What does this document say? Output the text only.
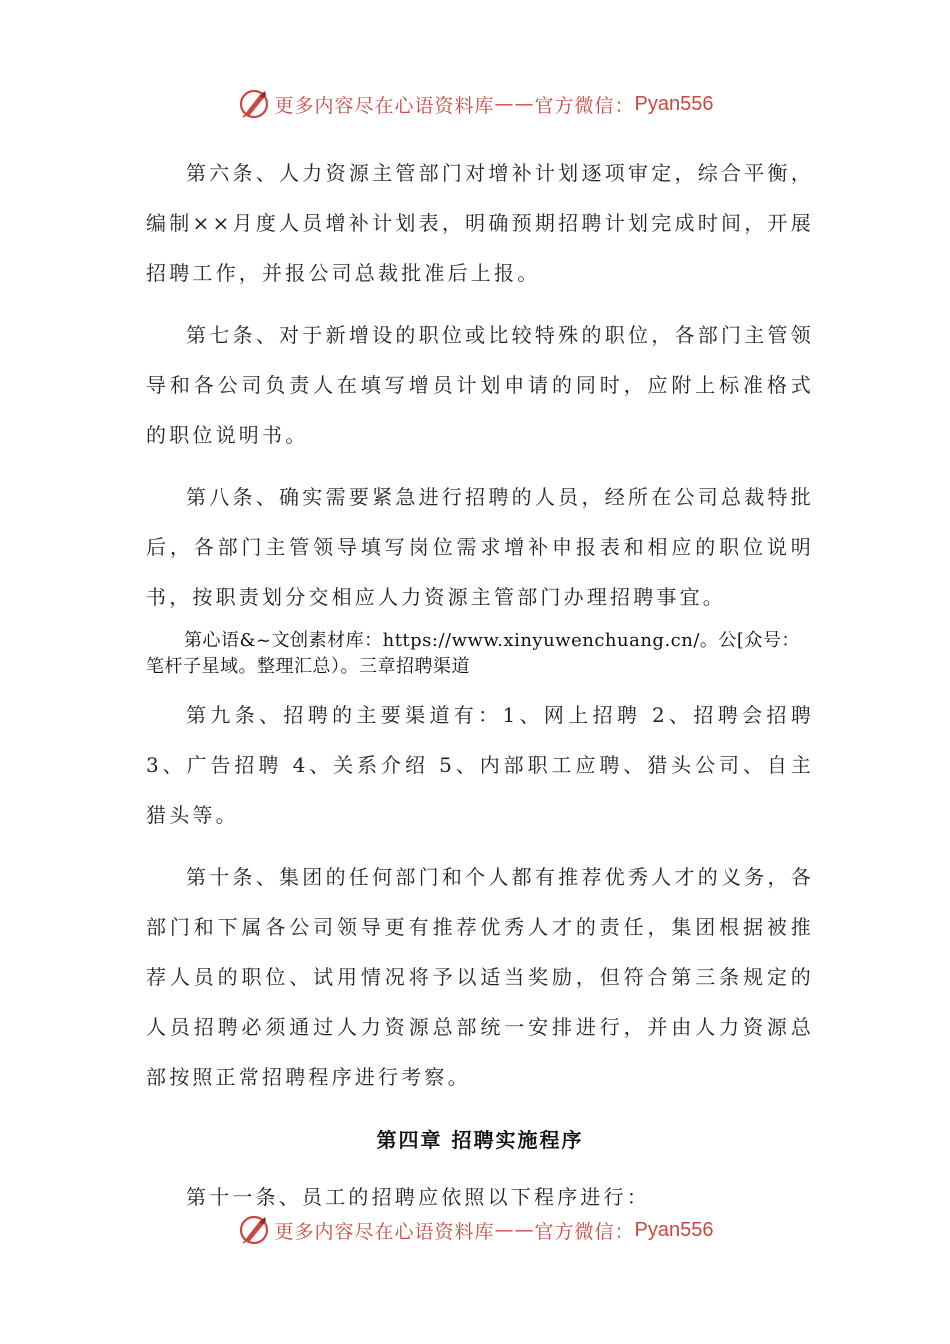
更多内容尽在心语资料库 —— 官方微信： Pyan556

第六条、人力资源主管部门对增补计划逐项审定，综合平衡，编制××月度人员增补计划表，明确预期招聘计划完成时间，开展招聘工作，并报公司总裁批准后上报。

第七条、对于新增设的职位或比较特殊的职位，各部门主管领导和各公司负责人在填写增员计划申请的同时，应附上标准格式的职位说明书。

第八条、确实需要紧急进行招聘的人员，经所在公司总裁特批后，各部门主管领导填写岗位需求增补申报表和相应的职位说明书，按职责划分交相应人力资源主管部门办理招聘事宜。

第心语&~文创素材库：https://www.xinyuwenchuang.cn/。公[众号：笔杆子星域。整理汇总）。三章招聘渠道

第九条、招聘的主要渠道有：1、网上招聘 2、招聘会招聘 3、广告招聘 4、关系介绍 5、内部职工应聘、猎头公司、自主猎头等。

第十条、集团的任何部门和个人都有推荐优秀人才的义务，各部门和下属各公司领导更有推荐优秀人才的责任，集团根据被推荐人员的职位、试用情况将予以适当奖励，但符合第三条规定的人员招聘必须通过人力资源总部统一安排进行，并由人力资源总部按照正常招聘程序进行考察。

第四章 招聘实施程序

第十一条、员工的招聘应依照以下程序进行：

更多内容尽在心语资料库 —— 官方微信： Pyan556
